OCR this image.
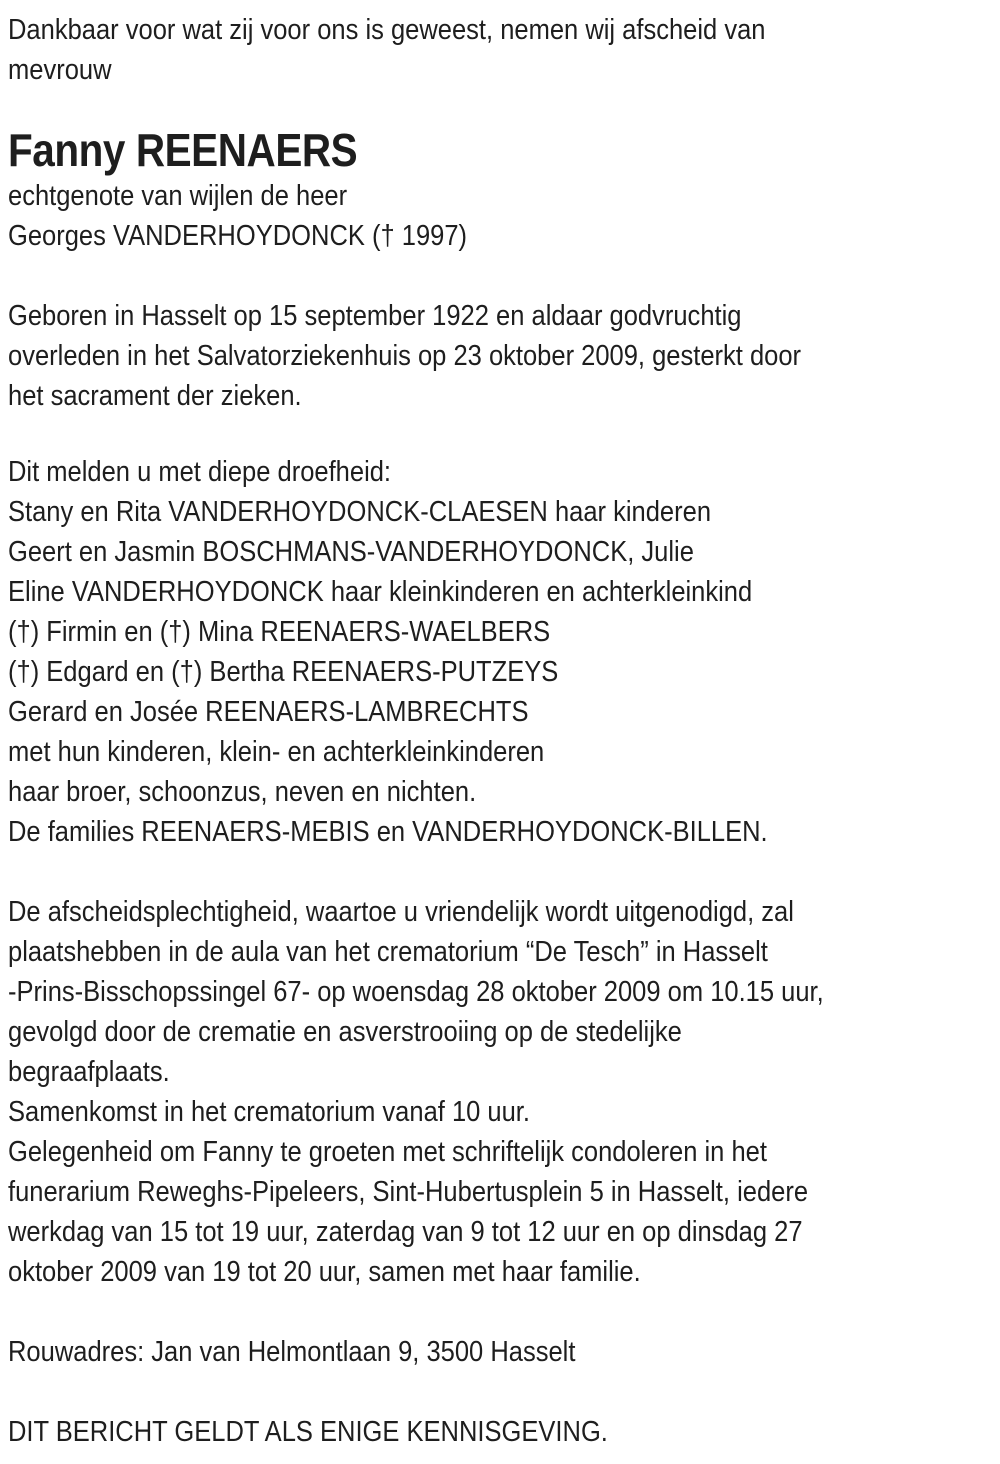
Dankbaar voor wat zij voor ons is geweest, nemen wij afscheid van
mevrouw
Fanny REENAERS
echtgenote van wijlen de heer
Georges VANDERHOYDONCK († 1997)
Geboren in Hasselt op 15 september 1922 en aldaar godvruchtig
overleden in het Salvatorziekenhuis op 23 oktober 2009, gesterkt door
het sacrament der zieken.
Dit melden u met diepe droefheid:
Stany en Rita VANDERHOYDONCK-CLAESEN haar kinderen
Geert en Jasmin BOSCHMANS-VANDERHOYDONCK, Julie
Eline VANDERHOYDONCK haar kleinkinderen en achterkleinkind
(†) Firmin en (†) Mina REENAERS-WAELBERS
(†) Edgard en (†) Bertha REENAERS-PUTZEYS
Gerard en Josée REENAERS-LAMBRECHTS
met hun kinderen, klein- en achterkleinkinderen
haar broer, schoonzus, neven en nichten.
De families REENAERS-MEBIS en VANDERHOYDONCK-BILLEN.
De afscheidsplechtigheid, waartoe u vriendelijk wordt uitgenodigd, zal
plaatshebben in de aula van het crematorium “De Tesch” in Hasselt
-Prins-Bisschopssingel 67- op woensdag 28 oktober 2009 om 10.15 uur,
gevolgd door de crematie en asverstrooiing op de stedelijke
begraafplaats.
Samenkomst in het crematorium vanaf 10 uur.
Gelegenheid om Fanny te groeten met schriftelijk condoleren in het
funerarium Reweghs-Pipeleers, Sint-Hubertusplein 5 in Hasselt, iedere
werkdag van 15 tot 19 uur, zaterdag van 9 tot 12 uur en op dinsdag 27
oktober 2009 van 19 tot 20 uur, samen met haar familie.
Rouwadres: Jan van Helmontlaan 9, 3500 Hasselt
DIT BERICHT GELDT ALS ENIGE KENNISGEVING.
